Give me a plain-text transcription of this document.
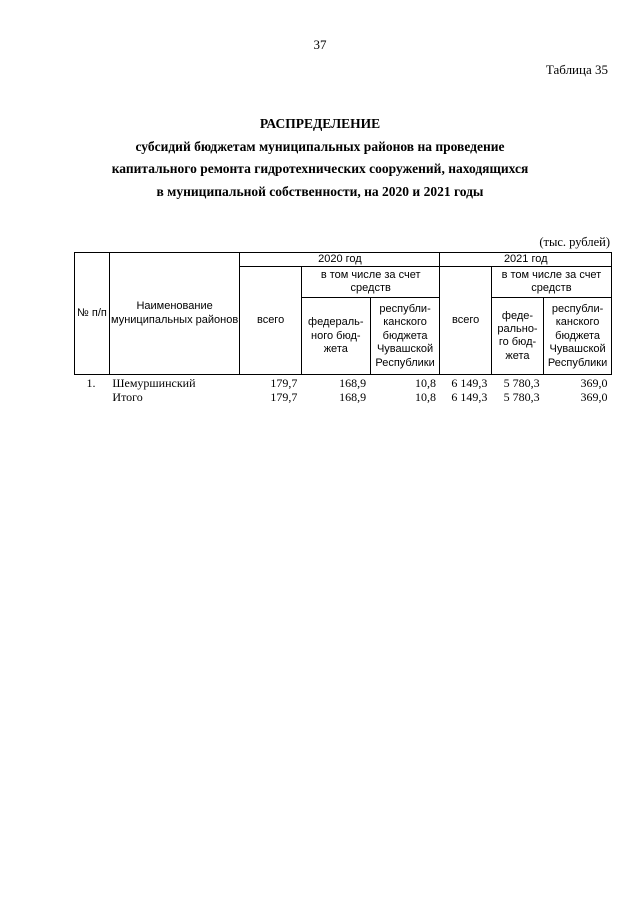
37
Таблица 35
РАСПРЕДЕЛЕНИЕ
субсидий бюджетам муниципальных районов на проведение
капитального ремонта гидротехнических сооружений, находящихся
в муниципальной собственности, на 2020 и 2021 годы
(тыс. рублей)
№ п/п	Наименование муниципальных районов	2020 год			2021 год		
		всего	в том числе за счет средств		всего	в том числе за счет средств	
			федераль-ного бюд-жета	республи-канского бюджета Чувашской Республики		феде-рально-го бюд-жета	республи-канского бюджета Чувашской Республики
1.	Шемуршинский	179,7	168,9	10,8	6 149,3	5 780,3	369,0
	Итого	179,7	168,9	10,8	6 149,3	5 780,3	369,0
